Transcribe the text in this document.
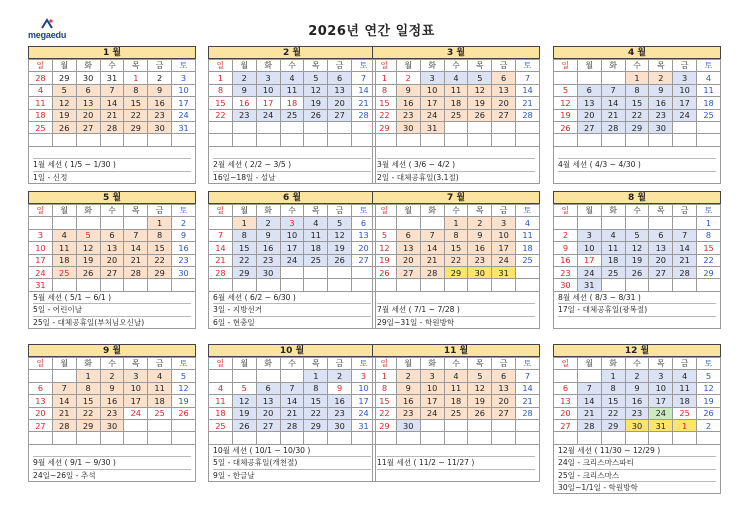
megaedu	2026년 연간 일정표
1 월
일	월	화	수	목	금	토
28	29	30	31	1	2	3
4	5	6	7	8	9	10
11	12	13	14	15	16	17
18	19	20	21	22	23	24
25	26	27	28	29	30	31

1월 세션 ( 1/5 ~ 1/30 )
1일 - 신정
2 월
일	월	화	수	목	금	토
1	2	3	4	5	6	7
8	9	10	11	12	13	14
15	16	17	18	19	20	21
22	23	24	25	26	27	28

2월 세션 ( 2/2 ~ 3/5 )
16일~18일 - 설날
3 월
일	월	화	수	목	금	토
1	2	3	4	5	6	7
8	9	10	11	12	13	14
15	16	17	18	19	20	21
22	23	24	25	26	27	28
29	30	31				

3월 세션 ( 3/6 ~ 4/2 )
2일 - 대체공휴일(3.1절)
4 월
일	월	화	수	목	금	토
			1	2	3	4
5	6	7	8	9	10	11
12	13	14	15	16	17	18
19	20	21	22	23	24	25
26	27	28	29	30		

4월 세션 ( 4/3 ~ 4/30 )
5 월
일	월	화	수	목	금	토
					1	2
3	4	5	6	7	8	9
10	11	12	13	14	15	16
17	18	19	20	21	22	23
24	25	26	27	28	29	30
31						
5월 세션 ( 5/1 ~ 6/1 )
5일 - 어린이날
25일 - 대체공휴일(부처님오신날)
6 월
일	월	화	수	목	금	토
	1	2	3	4	5	6
7	8	9	10	11	12	13
14	15	16	17	18	19	20
21	22	23	24	25	26	27
28	29	30				

6월 세션 ( 6/2 ~ 6/30 )
3일 - 지방선거
6일 - 현충일
7 월
일	월	화	수	목	금	토
			1	2	3	4
5	6	7	8	9	10	11
12	13	14	15	16	17	18
19	20	21	22	23	24	25
26	27	28	29	30	31	

7월 세션 ( 7/1 ~ 7/28 )
29일~31일 - 학원방학
8 월
일	월	화	수	목	금	토
						1
2	3	4	5	6	7	8
9	10	11	12	13	14	15
16	17	18	19	20	21	22
23	24	25	26	27	28	29
30	31					
8월 세션 ( 8/3 ~ 8/31 )
17일 - 대체공휴일(광복절)
9 월
일	월	화	수	목	금	토
		1	2	3	4	5
6	7	8	9	10	11	12
13	14	15	16	17	18	19
20	21	22	23	24	25	26
27	28	29	30			

9월 세션 ( 9/1 ~ 9/30 )
24일~26일 - 추석
10 월
일	월	화	수	목	금	토
				1	2	3
4	5	6	7	8	9	10
11	12	13	14	15	16	17
18	19	20	21	22	23	24
25	26	27	28	29	30	31

10월 세션 ( 10/1 ~ 10/30 )
5일 - 대체공휴일(개천절)
9일 - 한글날
11 월
일	월	화	수	목	금	토
1	2	3	4	5	6	7
8	9	10	11	12	13	14
15	16	17	18	19	20	21
22	23	24	25	26	27	28
29	30					

11월 세션 ( 11/2 ~ 11/27 )
12 월
일	월	화	수	목	금	토
		1	2	3	4	5
6	7	8	9	10	11	12
13	14	15	16	17	18	19
20	21	22	23	24	25	26
27	28	29	30	31	1	2

12월 세션 ( 11/30 ~ 12/29 )
24일 - 크리스마스파티
25일 - 크리스마스
30일~1/1일 - 학원방학
